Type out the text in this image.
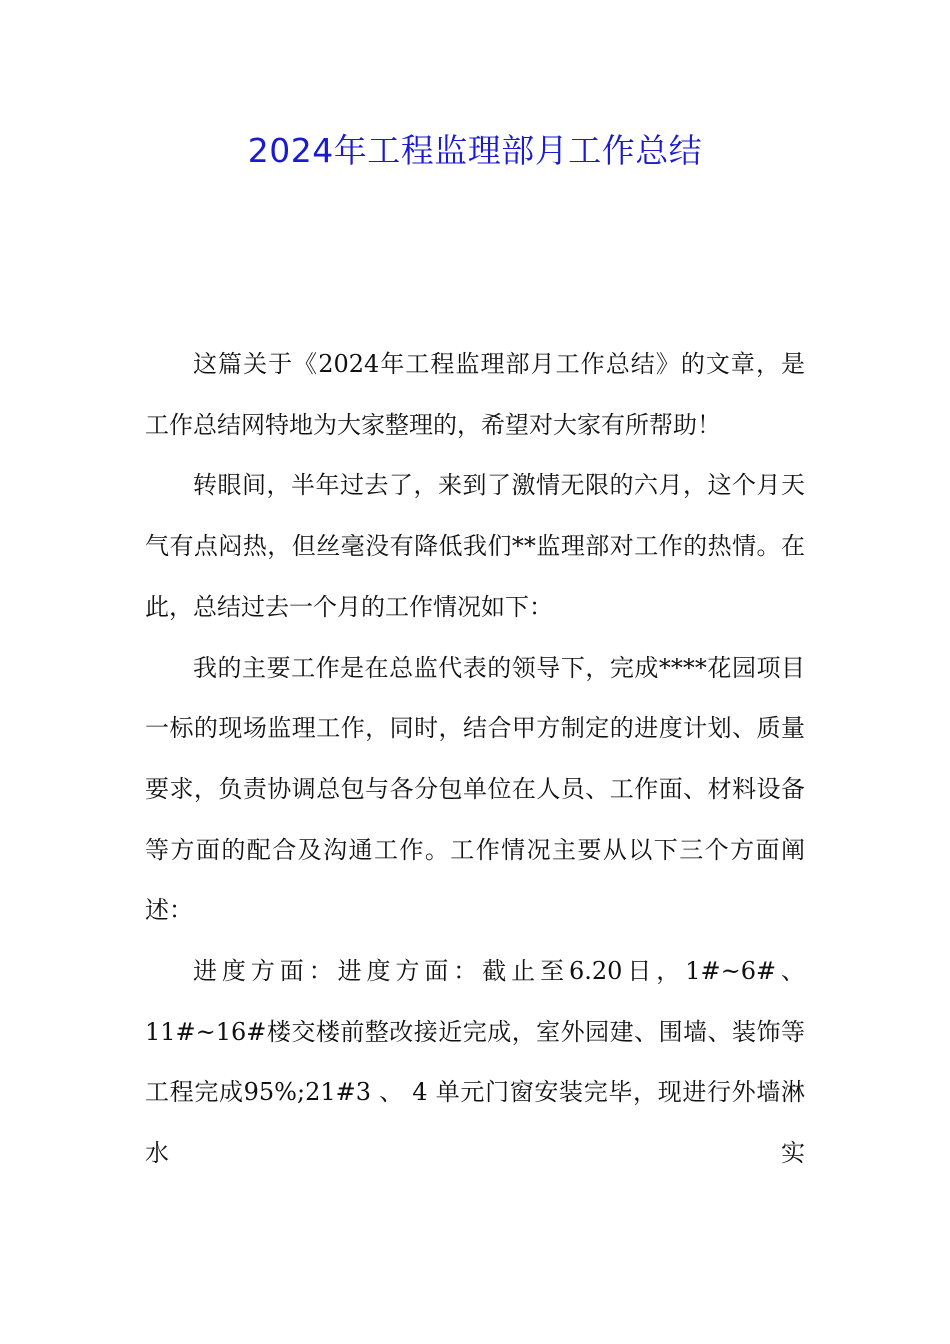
2024年工程监理部月工作总结

这篇关于《2024年工程监理部月工作总结》的文章，是工作总结网特地为大家整理的，希望对大家有所帮助！

转眼间，半年过去了，来到了激情无限的六月，这个月天气有点闷热，但丝毫没有降低我们**监理部对工作的热情。在此，总结过去一个月的工作情况如下：

我的主要工作是在总监代表的领导下，完成****花园项目一标的现场监理工作，同时，结合甲方制定的进度计划、质量要求，负责协调总包与各分包单位在人员、工作面、材料设备等方面的配合及沟通工作。工作情况主要从以下三个方面阐述：

进度方面：进度方面：截止至6.20日，1#~6#、11#~16#楼交楼前整改接近完成，室外园建、围墙、装饰等工程完成95%;21#3 、 4 单元门窗安装完毕，现进行外墙淋水实
